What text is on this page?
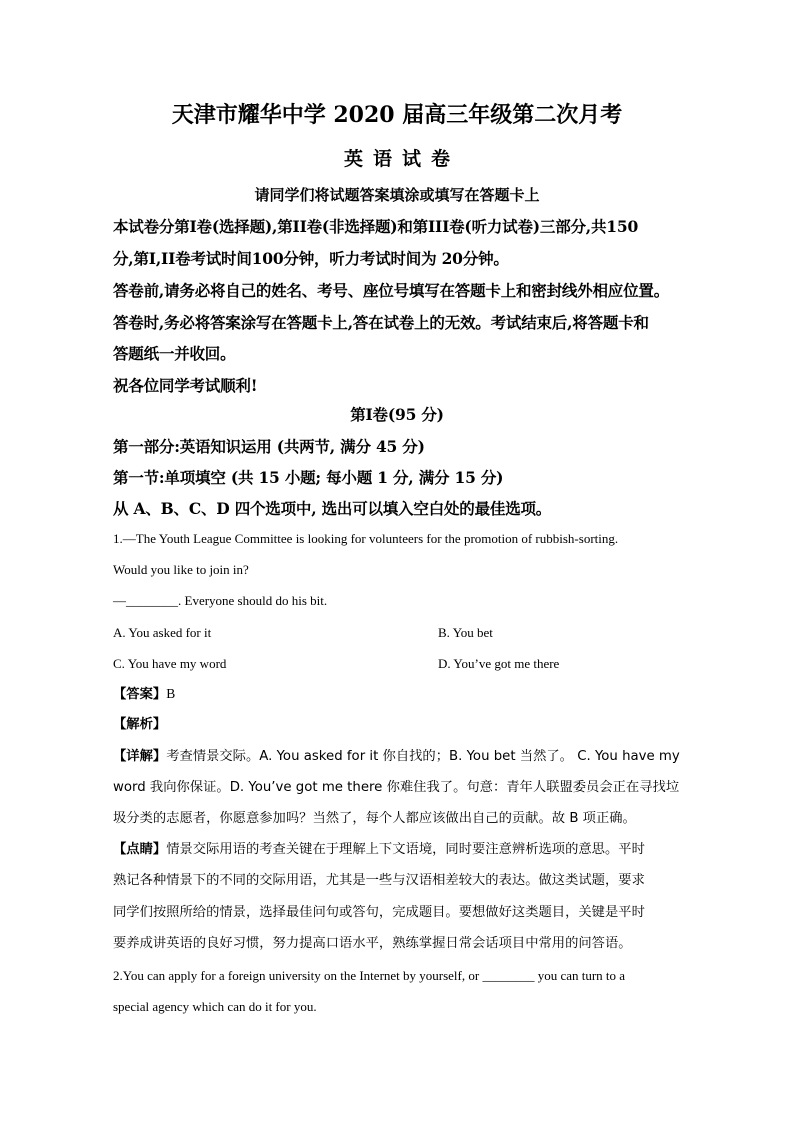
天津市耀华中学 2020 届高三年级第二次月考
英语试卷
请同学们将试题答案填涂或填写在答题卡上
本试卷分第I卷(选择题),第II卷(非选择题)和第III卷(听力试卷)三部分,共150
分,第I,II卷考试时间100分钟，听力考试时间为 20分钟。
答卷前,请务必将自己的姓名、考号、座位号填写在答题卡上和密封线外相应位置。
答卷时,务必将答案涂写在答题卡上,答在试卷上的无效。考试结束后,将答题卡和
答题纸一并收回。
祝各位同学考试顺利!
第I卷(95 分)
第一部分:英语知识运用 (共两节, 满分 45 分)
第一节:单项填空 (共 15 小题; 每小题 1 分, 满分 15 分)
从 A、B、C、D 四个选项中, 选出可以填入空白处的最佳选项。
1.—The Youth League Committee is looking for volunteers for the promotion of rubbish-sorting.
Would you like to join in?
—________. Everyone should do his bit.
A. You asked for it	B. You bet
C. You have my word	D. You’ve got me there
【答案】B
【解析】
【详解】考查情景交际。A. You asked for it 你自找的；B. You bet 当然了。 C. You have my
word 我向你保证。D. You’ve got me there 你难住我了。句意：青年人联盟委员会正在寻找垃
圾分类的志愿者，你愿意参加吗？当然了，每个人都应该做出自己的贡献。故 B 项正确。
【点睛】情景交际用语的考查关键在于理解上下文语境，同时要注意辨析选项的意思。平时
熟记各种情景下的不同的交际用语，尤其是一些与汉语相差较大的表达。做这类试题，要求
同学们按照所给的情景，选择最佳问句或答句，完成题目。要想做好这类题目，关键是平时
要养成讲英语的良好习惯，努力提高口语水平，熟练掌握日常会话项目中常用的问答语。
2.You can apply for a foreign university on the Internet by yourself, or ________ you can turn to a
special agency which can do it for you.
